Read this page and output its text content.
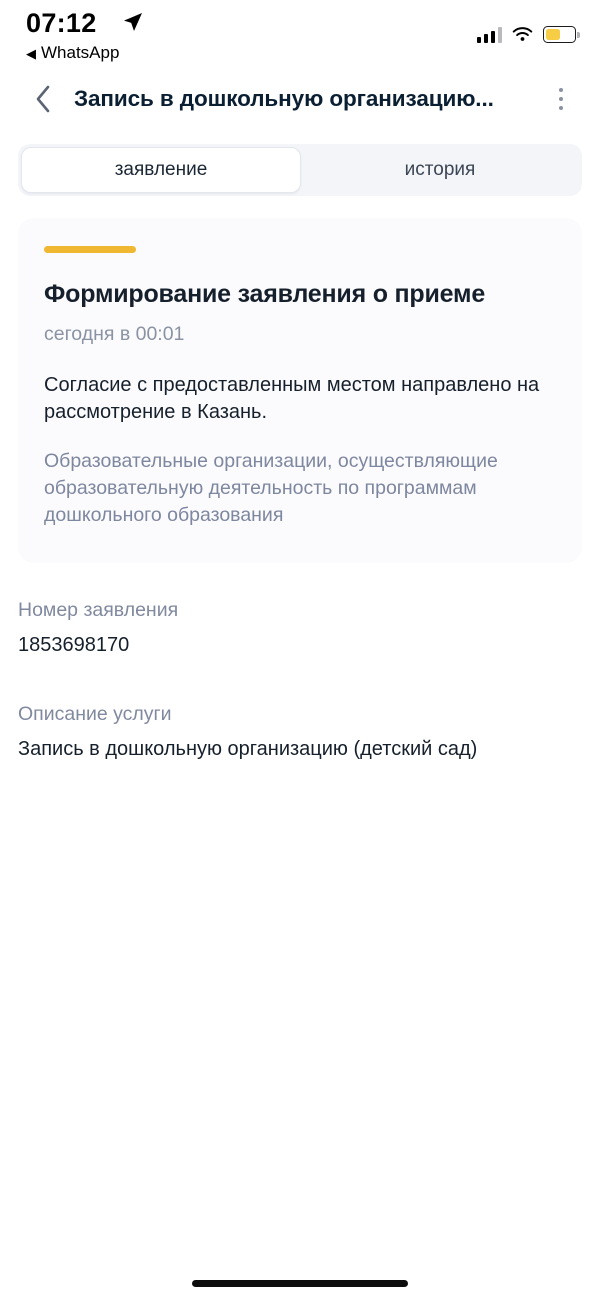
07:12
◀ WhatsApp
Запись в дошкольную организацию...
заявление	история
Формирование заявления о приеме
сегодня в 00:01
Согласие с предоставленным местом направлено на рассмотрение в Казань.
Образовательные организации, осуществляющие образовательную деятельность по программам дошкольного образования
Номер заявления
1853698170
Описание услуги
Запись в дошкольную организацию (детский сад)
